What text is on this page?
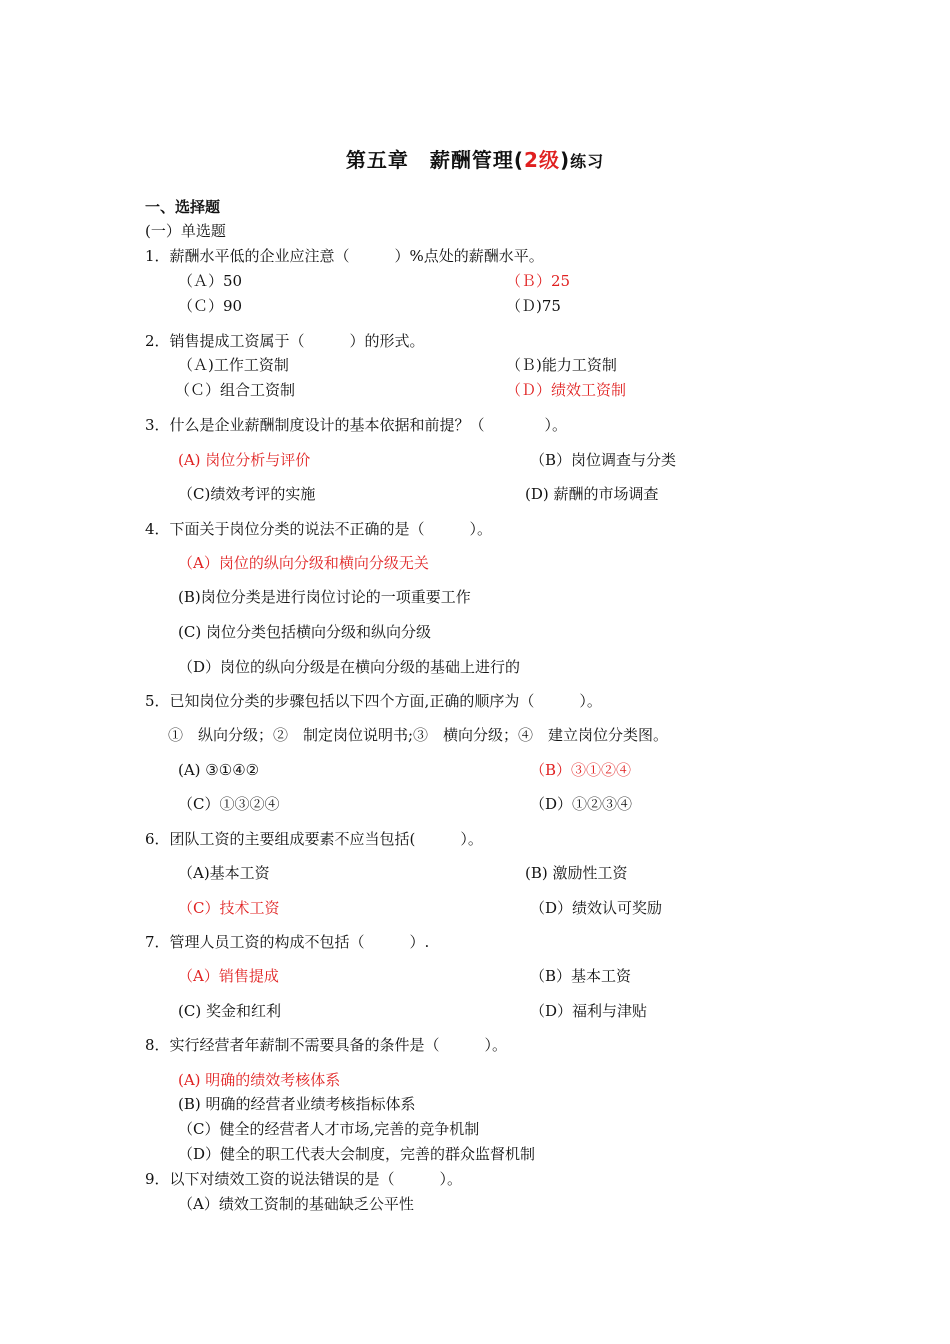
第五章　薪酬管理(2级)练习
一、选择题
(一）单选题
1．薪酬水平低的企业应注意（　　　）%点处的薪酬水平。
（Ａ）50	（Ｂ）25
（Ｃ）90	（Ｄ)75
2．销售提成工资属于（　　　）的形式。
（Ａ)工作工资制	（Ｂ)能力工资制
（Ｃ）组合工资制	（Ｄ）绩效工资制
3．什么是企业薪酬制度设计的基本依据和前提？（　　　　）。
(A) 岗位分析与评价	（B）岗位调查与分类
（C)绩效考评的实施	(D) 薪酬的市场调查
4．下面关于岗位分类的说法不正确的是（　　　）。
（A）岗位的纵向分级和横向分级无关
(B)岗位分类是进行岗位讨论的一项重要工作
(C) 岗位分类包括横向分级和纵向分级
（D）岗位的纵向分级是在横向分级的基础上进行的
5．已知岗位分类的步骤包括以下四个方面,正确的顺序为（　　　）。
①　纵向分级；②　制定岗位说明书;③　横向分级；④　建立岗位分类图。
(A) ③①④②	（B）③①②④
（C）①③②④	（D）①②③④
6．团队工资的主要组成要素不应当包括(　　　）。
（A)基本工资	(B) 激励性工资
（C）技术工资	（D）绩效认可奖励
7．管理人员工资的构成不包括（　　　）.
（A）销售提成	（B）基本工资
(C) 奖金和红利	（D）福利与津贴
8．实行经营者年薪制不需要具备的条件是（　　　）。
(A) 明确的绩效考核体系
(B) 明确的经营者业绩考核指标体系
（C）健全的经营者人才市场,完善的竞争机制
（D）健全的职工代表大会制度，完善的群众监督机制
9．以下对绩效工资的说法错误的是（　　　）。
（A）绩效工资制的基础缺乏公平性
